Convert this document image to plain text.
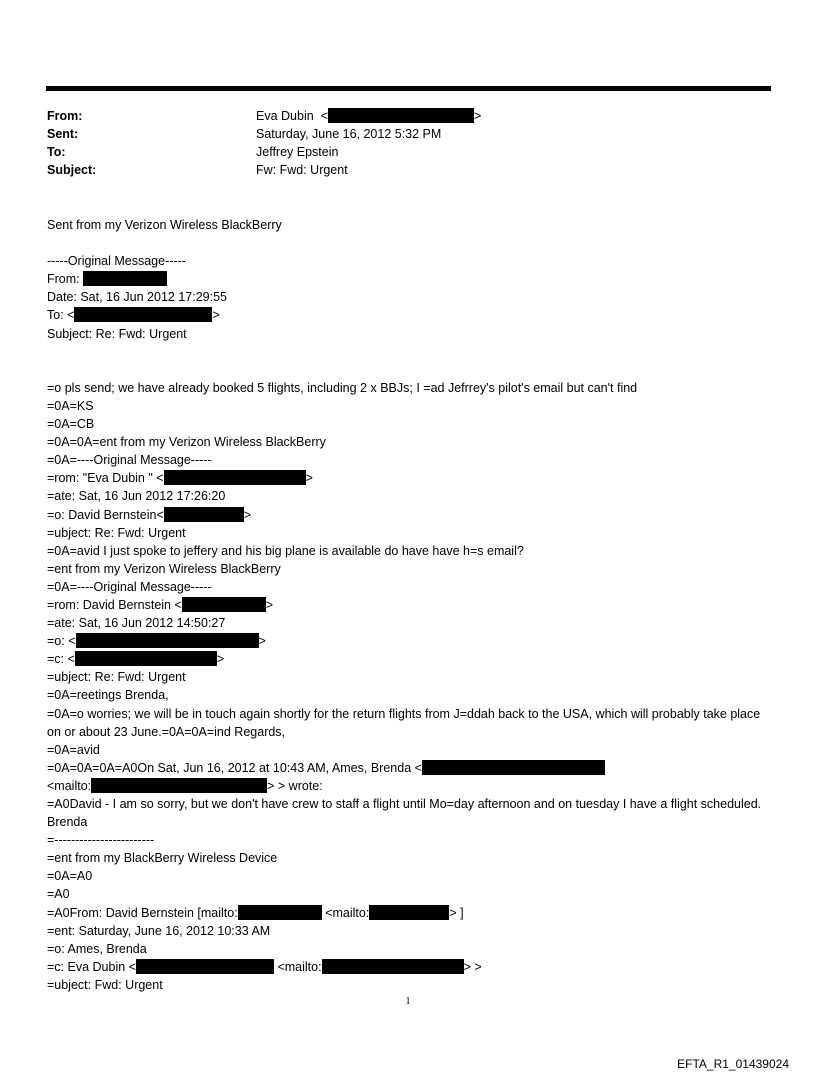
From:	Eva Dubin  <	>
Sent:	Saturday, June 16, 2012 5:32 PM
To:	Jeffrey Epstein
Subject:	Fw: Fwd: Urgent
Sent from my Verizon Wireless BlackBerry
-----Original Message-----
From:
Date: Sat, 16 Jun 2012 17:29:55
To: <	>
Subject: Re: Fwd: Urgent
=o pls send; we have already booked 5 flights, including 2 x BBJs; I =ad Jefrrey's pilot's email but can't find
=0A=KS
=0A=CB
=0A=0A=ent from my Verizon Wireless BlackBerry
=0A=----Original Message-----
=rom: "Eva Dubin " <	>
=ate: Sat, 16 Jun 2012 17:26:20
=o: David Bernstein<	>
=ubject: Re: Fwd: Urgent
=0A=avid I just spoke to jeffery and his big plane is available do have have h=s email?
=ent from my Verizon Wireless BlackBerry
=0A=----Original Message-----
=rom: David Bernstein <	>
=ate: Sat, 16 Jun 2012 14:50:27
=o: <	>
=c: <	>
=ubject: Re: Fwd: Urgent
=0A=reetings Brenda,
=0A=o worries; we will be in touch again shortly for the return flights from J=ddah back to the USA, which will probably take place on or about 23 June.=0A=0A=ind Regards,
=0A=avid
=0A=0A=0A=A0On Sat, Jun 16, 2012 at 10:43 AM, Ames, Brenda <
<mailto:	> > wrote:
=A0David - I am so sorry, but we don't have crew to staff a flight until Mo=day afternoon and on tuesday I have a flight scheduled. Brenda
=------------------------
=ent from my BlackBerry Wireless Device
=0A=A0
=A0
=A0From: David Bernstein [mailto:	<mailto:	> ]
=ent: Saturday, June 16, 2012 10:33 AM
=o: Ames, Brenda
=c: Eva Dubin <	<mailto:	> >
=ubject: Fwd: Urgent
1
EFTA_R1_01439024
